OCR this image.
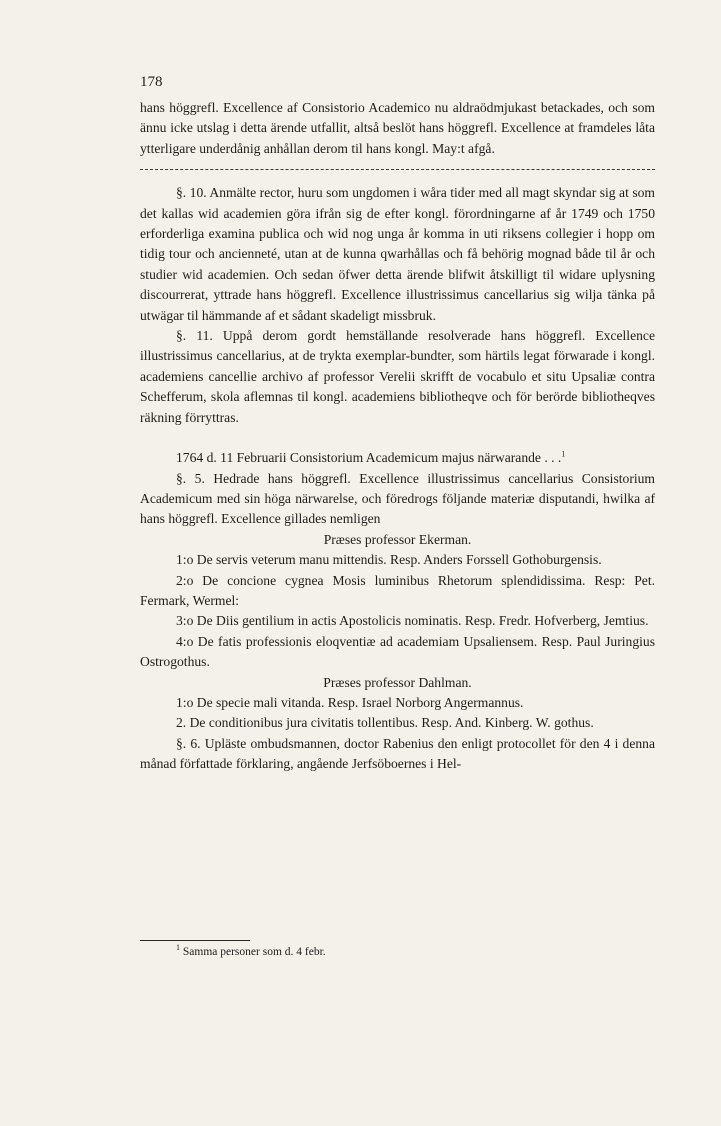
178

hans höggrefl. Excellence af Consistorio Academico nu aldraödmjukast betackades, och som ännu icke utslag i detta ärende utfallit, altså beslöt hans höggrefl. Excellence at framdeles låta ytterligare underdånig anhållan derom til hans kongl. May:t afgå.

§. 10. Anmälte rector, huru som ungdomen i wåra tider med all magt skyndar sig at som det kallas wid academien göra ifrån sig de efter kongl. förordningarne af år 1749 och 1750 erforderliga examina publica och wid nog unga år komma in uti riksens collegier i hopp om tidig tour och ancienneté, utan at de kunna qwarhållas och få behörig mognad både til år och studier wid academien. Och sedan öfwer detta ärende blifwit åtskilligt til widare uplysning discourrerat, yttrade hans höggrefl. Excellence illustrissimus cancellarius sig wilja tänka på utwägar til hämmande af et sådant skadeligt missbruk.

§. 11. Uppå derom gordt hemställande resolverade hans höggrefl. Excellence illustrissimus cancellarius, at de trykta exemplar-bundter, som härtils legat förwarade i kongl. academiens cancellie archivo af professor Verelii skrifft de vocabulo et situ Upsaliæ contra Schefferum, skola aflemnas til kongl. academiens bibliotheqve och för berörde bibliotheqves räkning förryttras.

1764 d. 11 Februarii Consistorium Academicum majus närwarande . . .$^1$

§. 5. Hedrade hans höggrefl. Excellence illustrissimus cancellarius Consistorium Academicum med sin höga närwarelse, och föredrogs följande materiæ disputandi, hwilka af hans höggrefl. Excellence gillades nemligen

Præses professor Ekerman.

1:o De servis veterum manu mittendis. Resp. Anders Forssell Gothoburgensis.

2:o De concione cygnea Mosis luminibus Rhetorum splendidissima. Resp: Pet. Fermark, Wermel:

3:o De Diis gentilium in actis Apostolicis nominatis. Resp. Fredr. Hofverberg, Jemtius.

4:o De fatis professionis eloqventiæ ad academiam Upsaliensem. Resp. Paul Juringius Ostrogothus.

Præses professor Dahlman.

1:o De specie mali vitanda. Resp. Israel Norborg Angermannus.

2. De conditionibus jura civitatis tollentibus. Resp. And. Kinberg. W. gothus.

§. 6. Upläste ombudsmannen, doctor Rabenius den enligt protocollet för den 4 i denna månad författade förklaring, angående Jerfsöboernes i Hel-

$^1$ Samma personer som d. 4 febr.
